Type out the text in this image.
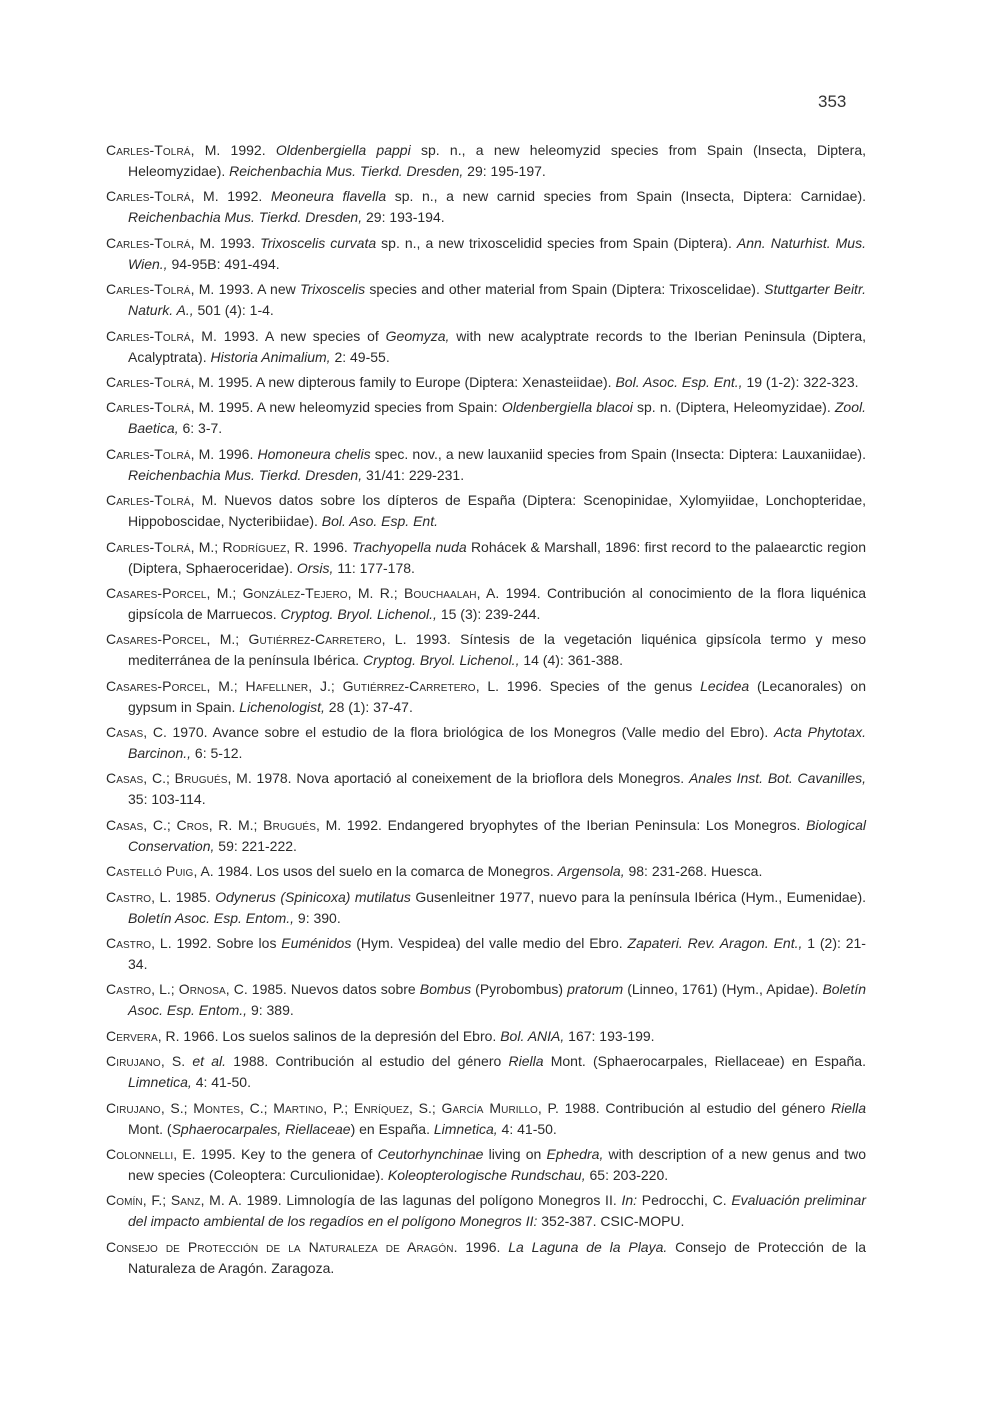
353

Carles-Tolrá, M. 1992. Oldenbergiella pappi sp. n., a new heleomyzid species from Spain (Insecta, Diptera, Heleomyzidae). Reichenbachia Mus. Tierkd. Dresden, 29: 195-197.

Carles-Tolrá, M. 1992. Meoneura flavella sp. n., a new carnid species from Spain (Insecta, Diptera: Carnidae). Reichenbachia Mus. Tierkd. Dresden, 29: 193-194.

Carles-Tolrá, M. 1993. Trixoscelis curvata sp. n., a new trixoscelidid species from Spain (Diptera). Ann. Naturhist. Mus. Wien., 94-95B: 491-494.

Carles-Tolrá, M. 1993. A new Trixoscelis species and other material from Spain (Diptera: Trixoscelidae). Stuttgarter Beitr. Naturk. A., 501 (4): 1-4.

Carles-Tolrá, M. 1993. A new species of Geomyza, with new acalyptrate records to the Iberian Peninsula (Diptera, Acalyptrata). Historia Animalium, 2: 49-55.

Carles-Tolrá, M. 1995. A new dipterous family to Europe (Diptera: Xenasteiidae). Bol. Asoc. Esp. Ent., 19 (1-2): 322-323.

Carles-Tolrá, M. 1995. A new heleomyzid species from Spain: Oldenbergiella blacoi sp. n. (Diptera, Heleomyzidae). Zool. Baetica, 6: 3-7.

Carles-Tolrá, M. 1996. Homoneura chelis spec. nov., a new lauxaniid species from Spain (Insecta: Diptera: Lauxaniidae). Reichenbachia Mus. Tierkd. Dresden, 31/41: 229-231.

Carles-Tolrá, M. Nuevos datos sobre los dípteros de España (Diptera: Scenopinidae, Xylomyiidae, Lonchopteridae, Hippoboscidae, Nycteribiidae). Bol. Aso. Esp. Ent.

Carles-Tolrá, M.; Rodríguez, R. 1996. Trachyopella nuda Rohácek & Marshall, 1896: first record to the palaearctic region (Diptera, Sphaeroceridae). Orsis, 11: 177-178.

Casares-Porcel, M.; González-Tejero, M. R.; Bouchaalah, A. 1994. Contribución al conocimiento de la flora liquénica gipsícola de Marruecos. Cryptog. Bryol. Lichenol., 15 (3): 239-244.

Casares-Porcel, M.; Gutiérrez-Carretero, L. 1993. Síntesis de la vegetación liquénica gipsícola termo y meso mediterránea de la península Ibérica. Cryptog. Bryol. Lichenol., 14 (4): 361-388.

Casares-Porcel, M.; Hafellner, J.; Gutiérrez-Carretero, L. 1996. Species of the genus Lecidea (Lecanorales) on gypsum in Spain. Lichenologist, 28 (1): 37-47.

Casas, C. 1970. Avance sobre el estudio de la flora briológica de los Monegros (Valle medio del Ebro). Acta Phytotax. Barcinon., 6: 5-12.

Casas, C.; Brugués, M. 1978. Nova aportació al coneixement de la brioflora dels Monegros. Anales Inst. Bot. Cavanilles, 35: 103-114.

Casas, C.; Cros, R. M.; Brugués, M. 1992. Endangered bryophytes of the Iberian Peninsula: Los Monegros. Biological Conservation, 59: 221-222.

Castelló Puig, A. 1984. Los usos del suelo en la comarca de Monegros. Argensola, 98: 231-268. Huesca.

Castro, L. 1985. Odynerus (Spinicoxa) mutilatus Gusenleitner 1977, nuevo para la península Ibérica (Hym., Eumenidae). Boletín Asoc. Esp. Entom., 9: 390.

Castro, L. 1992. Sobre los Euménidos (Hym. Vespidea) del valle medio del Ebro. Zapateri. Rev. Aragon. Ent., 1 (2): 21-34.

Castro, L.; Ornosa, C. 1985. Nuevos datos sobre Bombus (Pyrobombus) pratorum (Linneo, 1761) (Hym., Apidae). Boletín Asoc. Esp. Entom., 9: 389.

Cervera, R. 1966. Los suelos salinos de la depresión del Ebro. Bol. ANIA, 167: 193-199.

Cirujano, S. et al. 1988. Contribución al estudio del género Riella Mont. (Sphaerocarpales, Riellaceae) en España. Limnetica, 4: 41-50.

Cirujano, S.; Montes, C.; Martino, P.; Enríquez, S.; García Murillo, P. 1988. Contribución al estudio del género Riella Mont. (Sphaerocarpales, Riellaceae) en España. Limnetica, 4: 41-50.

Colonnelli, E. 1995. Key to the genera of Ceutorhynchinae living on Ephedra, with description of a new genus and two new species (Coleoptera: Curculionidae). Koleopterologische Rundschau, 65: 203-220.

Comín, F.; Sanz, M. A. 1989. Limnología de las lagunas del polígono Monegros II. In: Pedrocchi, C. Evaluación preliminar del impacto ambiental de los regadíos en el polígono Monegros II: 352-387. CSIC-MOPU.

Consejo de Protección de la Naturaleza de Aragón. 1996. La Laguna de la Playa. Consejo de Protección de la Naturaleza de Aragón. Zaragoza.
